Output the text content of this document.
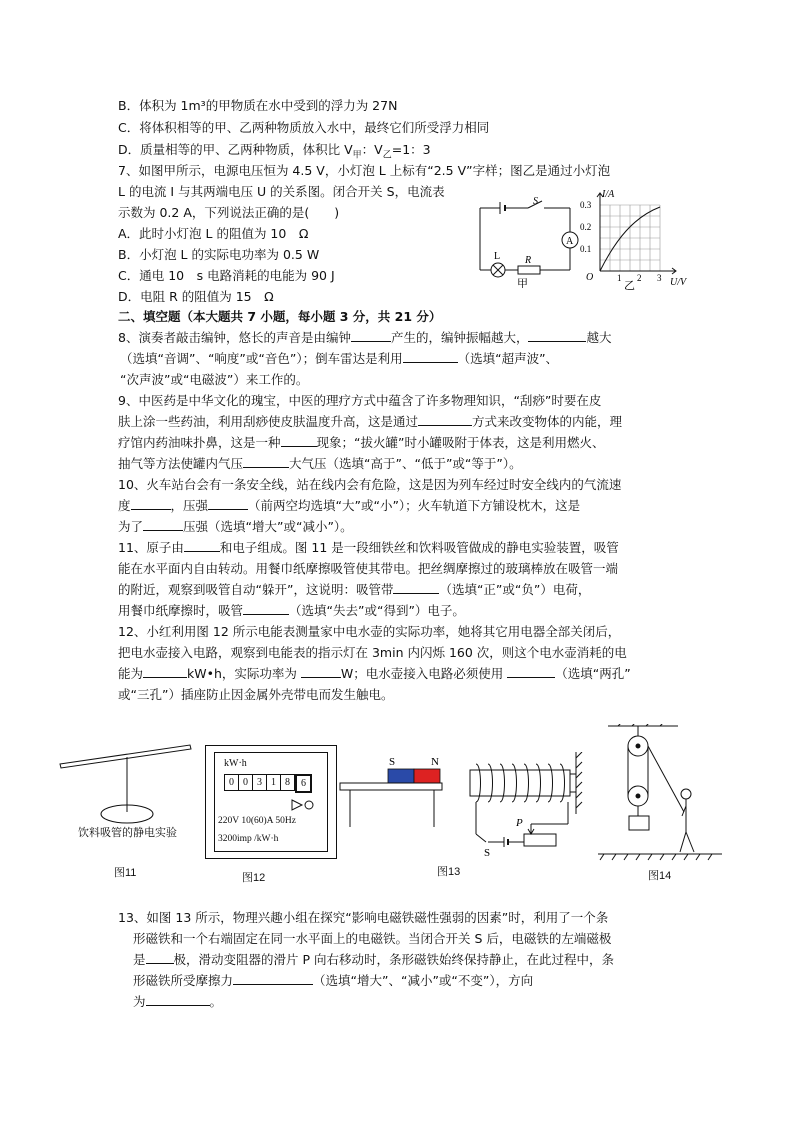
B．体积为 1m³的甲物质在水中受到的浮力为 27N
C．将体积相等的甲、乙两种物质放入水中，最终它们所受浮力相同
D．质量相等的甲、乙两种物质，体积比 $V_甲$：$V_乙=1$：3
7、如图甲所示，电源电压恒为 4.5 V，小灯泡 L 上标有“2.5 V”字样；图乙是通过小灯泡
L 的电流 I 与其两端电压 U 的关系图。闭合开关 S，电流表
示数为 0.2 A，下列说法正确的是(　　)
A．此时小灯泡 L 的阻值为 10　Ω
B．小灯泡 L 的实际电功率为 0.5 W
C．通电 10　s 电路消耗的电能为 90 J
D．电阻 R 的阻值为 15　Ω
S
A
L R
甲
I/A
U/V
O
0.1
0.2
0.3
1 2 3
乙
二、填空题（本大题共 7 小题，每小题 3 分，共 21 分）
8、演奏者敲击编钟，悠长的声音是由编钟	产生的，编钟振幅越大，	越大
（选填“音调”、“响度”或“音色”）；倒车雷达是利用	（选填“超声波”、
“次声波”或“电磁波”）来工作的。
9、中医药是中华文化的瑰宝，中医的理疗方式中蕴含了许多物理知识，“刮痧”时要在皮
肤上涂一些药油，利用刮痧使皮肤温度升高，这是通过	方式来改变物体的内能，理
疗馆内药油味扑鼻，这是一种	现象；“拔火罐”时小罐吸附于体表，这是利用燃火、
抽气等方法使罐内气压	大气压（选填“高于”、“低于”或“等于”）。
10、火车站台会有一条安全线，站在线内会有危险，这是因为列车经过时安全线内的气流速
度	，压强	（前两空均选填“大”或“小”）；火车轨道下方铺设枕木，这是
为了	压强（选填“增大”或“减小”）。
11、原子由	和电子组成。图 11 是一段细铁丝和饮料吸管做成的静电实验装置，吸管
能在水平面内自由转动。用餐巾纸摩擦吸管使其带电。把丝绸摩擦过的玻璃棒放在吸管一端
的附近，观察到吸管自动“躲开”，这说明：吸管带	（选填“正”或“负”）电荷，
用餐巾纸摩擦时，吸管	（选填“失去”或“得到”）电子。
12、小红利用图 12 所示电能表测量家中电水壶的实际功率，她将其它用电器全部关闭后，
把电水壶接入电路，观察到电能表的指示灯在 3min 内闪烁 160 次，则这个电水壶消耗的电
能为	kW•h，实际功率为	W；电水壶接入电路必须使用	（选填“两孔”
或“三孔”）插座防止因金属外壳带电而发生触电。
饮料吸管的静电实验
图11
kW·h
0 0 3 1 8	6
220V 10(60)A 50Hz
3200imp /kW·h
图12
S	N
P
S
图13	图14
13、如图 13 所示，物理兴趣小组在探究“影响电磁铁磁性强弱的因素”时，利用了一个条
形磁铁和一个右端固定在同一水平面上的电磁铁。当闭合开关 S 后，电磁铁的左端磁极
是 极，滑动变阻器的滑片 P 向右移动时，条形磁铁始终保持静止，在此过程中，条
形磁铁所受摩擦力	（选填“增大”、“减小”或“不变”），方向
为	。
